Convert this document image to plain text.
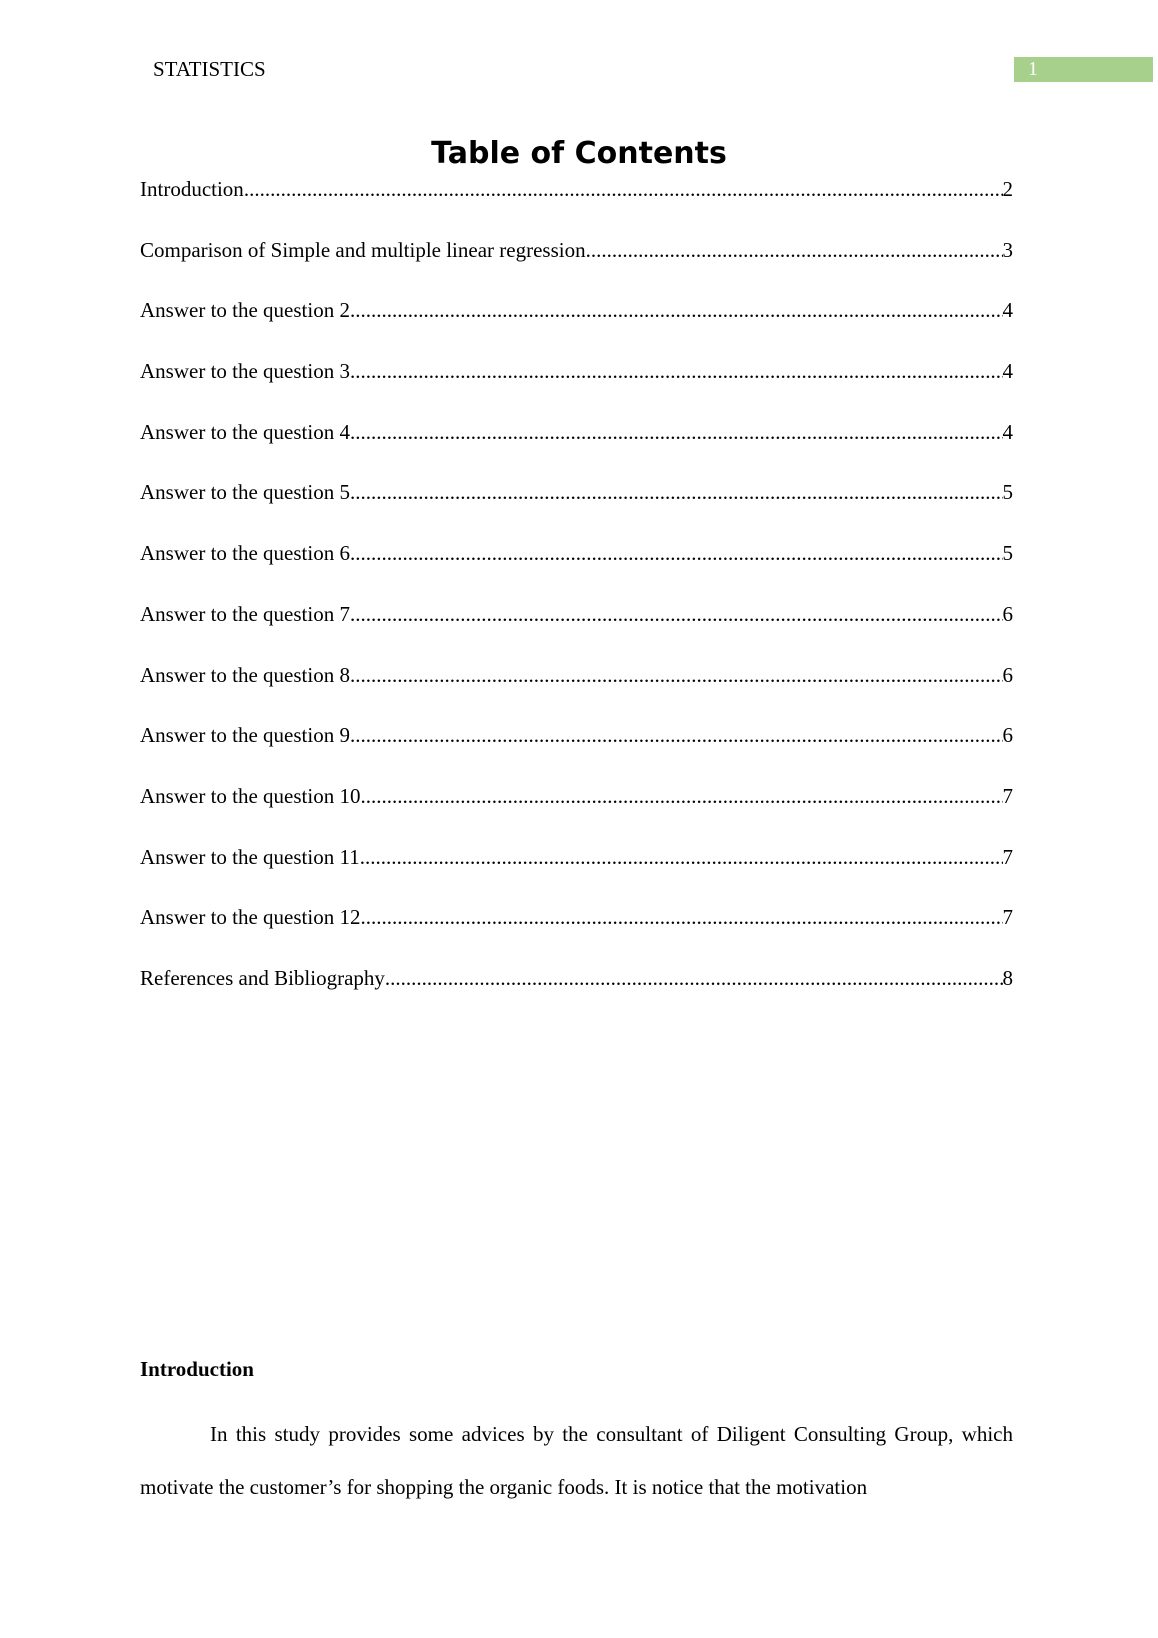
STATISTICS	1
Table of Contents
Introduction .....	2
Comparison of Simple and multiple linear regression .....	3
Answer to the question 2 .....	4
Answer to the question 3 .....	4
Answer to the question 4 .....	4
Answer to the question 5 .....	5
Answer to the question 6 .....	5
Answer to the question 7 .....	6
Answer to the question 8 .....	6
Answer to the question 9 .....	6
Answer to the question 10 .....	7
Answer to the question 11 .....	7
Answer to the question 12 .....	7
References and Bibliography .....	8
Introduction
In this study provides some advices by the consultant of Diligent Consulting Group, which motivate the customer’s for shopping the organic foods. It is notice that the motivation
